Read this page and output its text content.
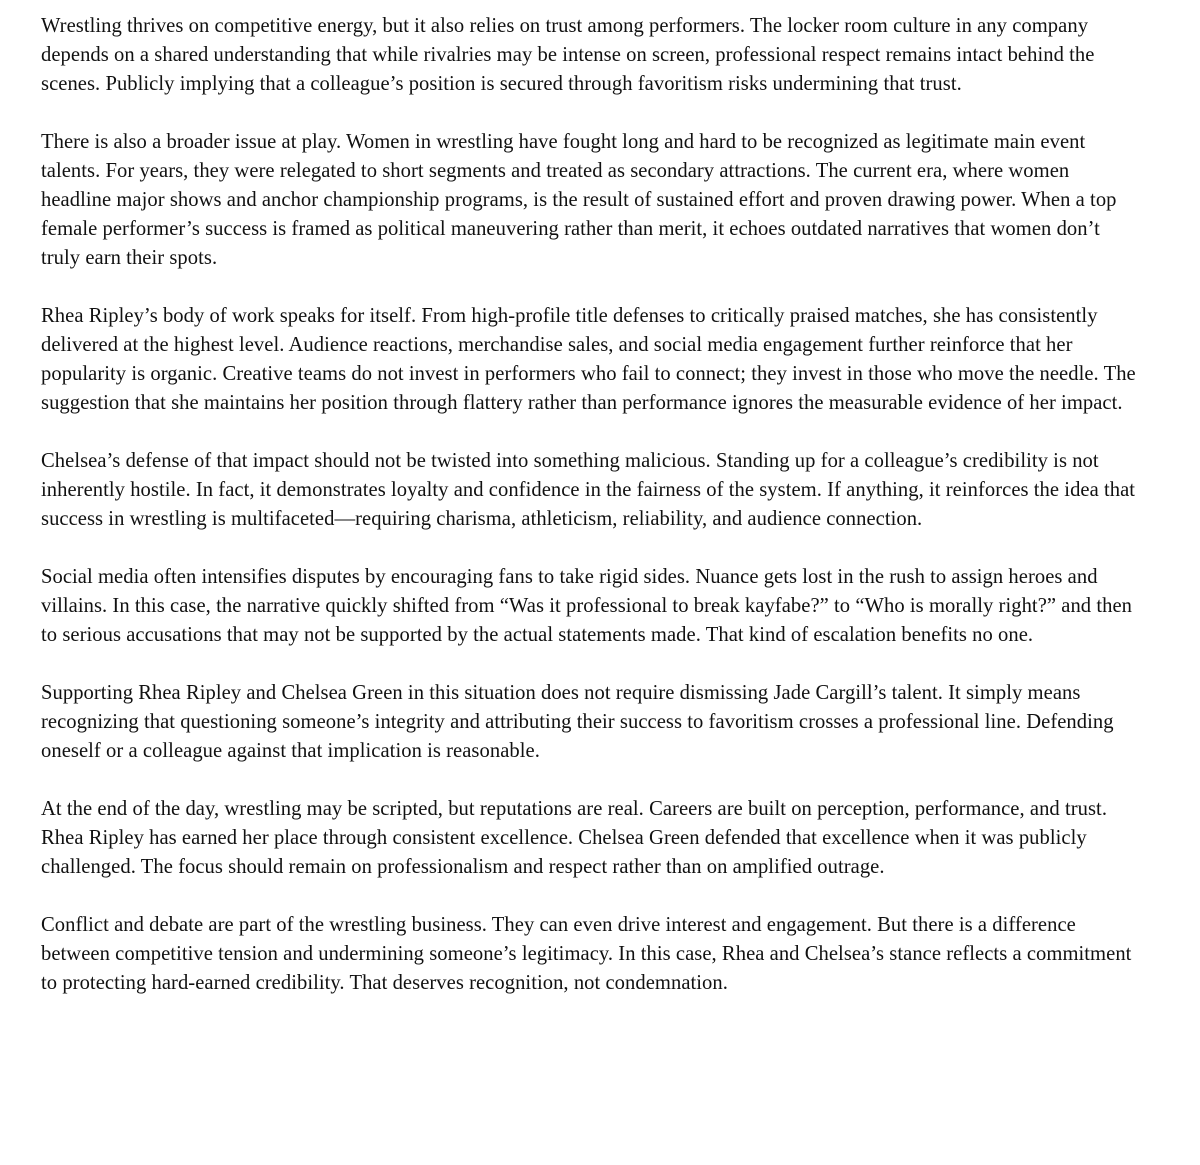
Wrestling thrives on competitive energy, but it also relies on trust among performers. The locker room culture in any company depends on a shared understanding that while rivalries may be intense on screen, professional respect remains intact behind the scenes. Publicly implying that a colleague’s position is secured through favoritism risks undermining that trust.

There is also a broader issue at play. Women in wrestling have fought long and hard to be recognized as legitimate main event talents. For years, they were relegated to short segments and treated as secondary attractions. The current era, where women headline major shows and anchor championship programs, is the result of sustained effort and proven drawing power. When a top female performer’s success is framed as political maneuvering rather than merit, it echoes outdated narratives that women don’t truly earn their spots.

Rhea Ripley’s body of work speaks for itself. From high-profile title defenses to critically praised matches, she has consistently delivered at the highest level. Audience reactions, merchandise sales, and social media engagement further reinforce that her popularity is organic. Creative teams do not invest in performers who fail to connect; they invest in those who move the needle. The suggestion that she maintains her position through flattery rather than performance ignores the measurable evidence of her impact.

Chelsea’s defense of that impact should not be twisted into something malicious. Standing up for a colleague’s credibility is not inherently hostile. In fact, it demonstrates loyalty and confidence in the fairness of the system. If anything, it reinforces the idea that success in wrestling is multifaceted—requiring charisma, athleticism, reliability, and audience connection.

Social media often intensifies disputes by encouraging fans to take rigid sides. Nuance gets lost in the rush to assign heroes and villains. In this case, the narrative quickly shifted from “Was it professional to break kayfabe?” to “Who is morally right?” and then to serious accusations that may not be supported by the actual statements made. That kind of escalation benefits no one.

Supporting Rhea Ripley and Chelsea Green in this situation does not require dismissing Jade Cargill’s talent. It simply means recognizing that questioning someone’s integrity and attributing their success to favoritism crosses a professional line. Defending oneself or a colleague against that implication is reasonable.

At the end of the day, wrestling may be scripted, but reputations are real. Careers are built on perception, performance, and trust. Rhea Ripley has earned her place through consistent excellence. Chelsea Green defended that excellence when it was publicly challenged. The focus should remain on professionalism and respect rather than on amplified outrage.

Conflict and debate are part of the wrestling business. They can even drive interest and engagement. But there is a difference between competitive tension and undermining someone’s legitimacy. In this case, Rhea and Chelsea’s stance reflects a commitment to protecting hard-earned credibility. That deserves recognition, not condemnation.
